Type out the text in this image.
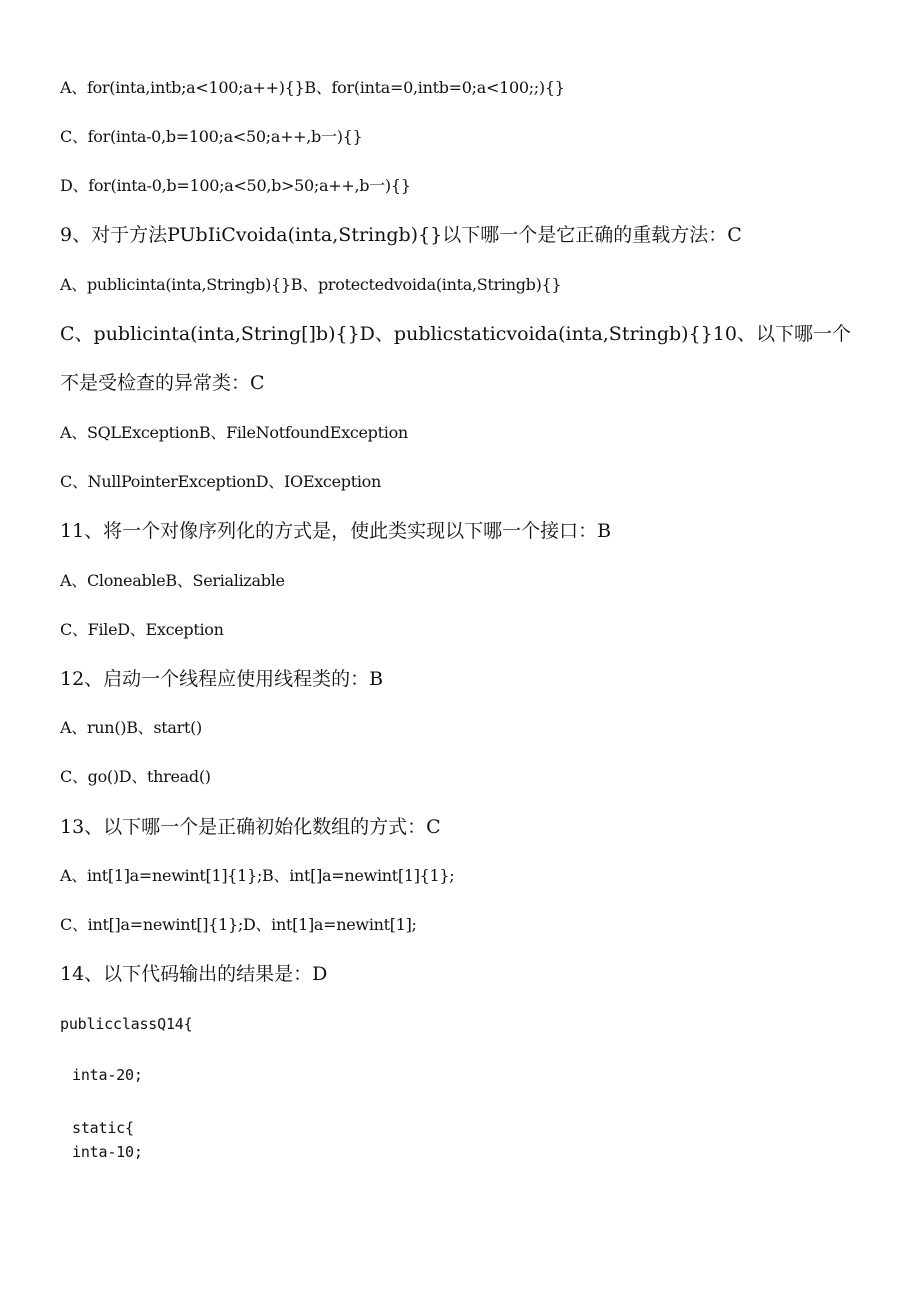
A、for(inta,intb;a<100;a++){}B、for(inta=0,intb=0;a<100;;){}
C、for(inta-0,b=100;a<50;a++,b一){}
D、for(inta-0,b=100;a<50,b>50;a++,b一){}
9、对于方法PUbIiCvoida(inta,Stringb){}以下哪一个是它正确的重载方法：C
A、publicinta(inta,Stringb){}B、protectedvoida(inta,Stringb){}
C、publicinta(inta,String[]b){}D、publicstaticvoida(inta,Stringb){}10、以下哪一个
不是受检查的异常类：C
A、SQLExceptionB、FileNotfoundException
C、NullPointerExceptionD、IOException
11、将一个对像序列化的方式是，使此类实现以下哪一个接口：B
A、CloneableB、Serializable
C、FileD、Exception
12、启动一个线程应使用线程类的：B
A、run()B、start()
C、go()D、thread()
13、以下哪一个是正确初始化数组的方式：C
A、int[1]a=newint[1]{1};B、int[]a=newint[1]{1};
C、int[]a=newint[]{1};D、int[1]a=newint[1];
14、以下代码输出的结果是：D
publicclassQ14{
inta-20;
static{
inta-10;
